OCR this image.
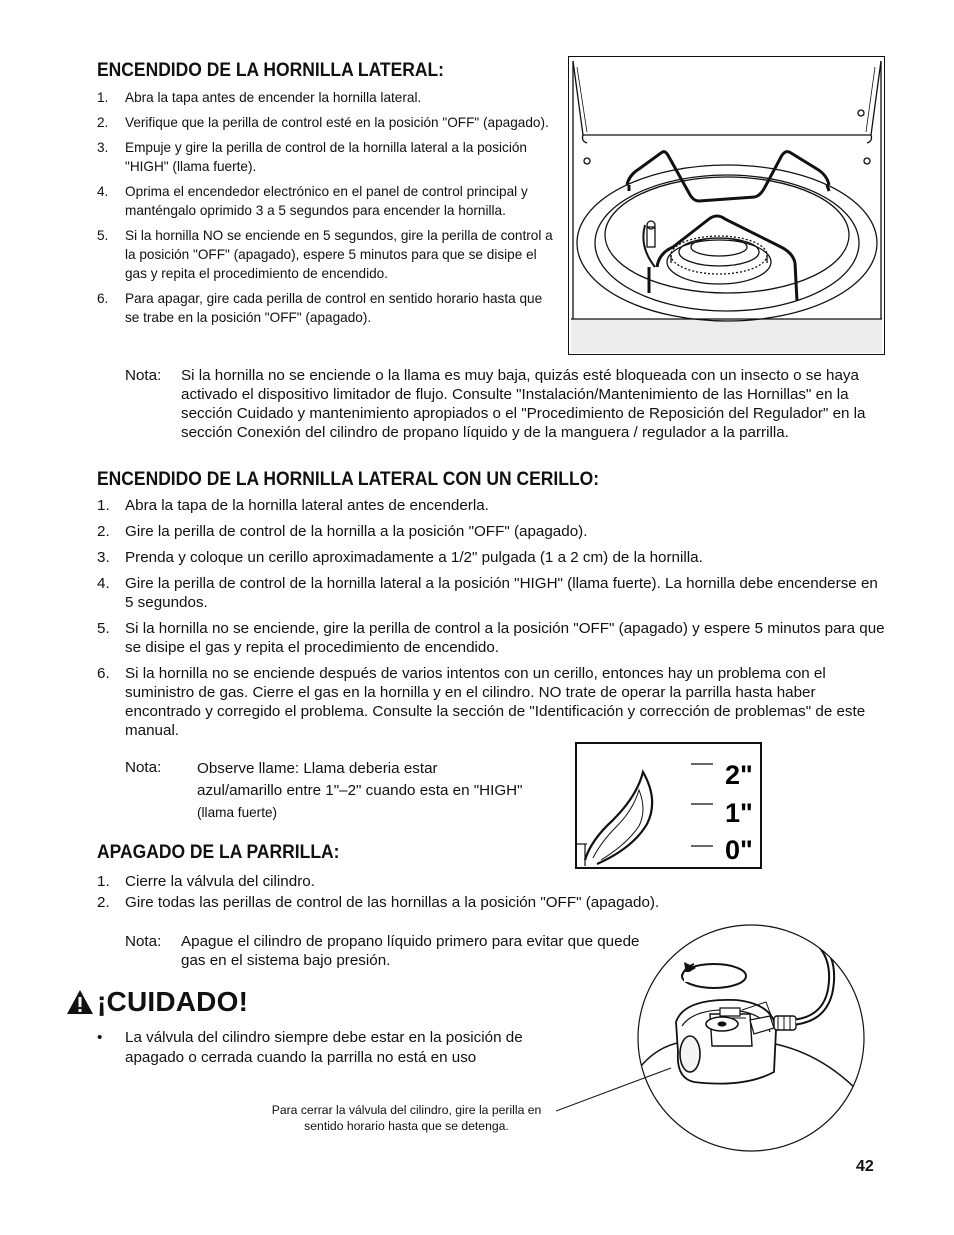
ENCENDIDO DE LA HORNILLA LATERAL:
1. Abra la tapa antes de encender la hornilla lateral.
2. Verifique que la perilla de control esté en la posición "OFF" (apagado).
3. Empuje y gire la perilla de control de la hornilla lateral a la posición "HIGH" (llama fuerte).
4. Oprima el encendedor electrónico en el panel de control principal y manténgalo oprimido 3 a 5 segundos para encender la hornilla.
5. Si la hornilla NO se enciende en 5 segundos, gire la perilla de control a la posición "OFF" (apagado), espere 5 minutos para que se disipe el gas y repita el procedimiento de encendido.
6. Para apagar, gire cada perilla de control en sentido horario hasta que se trabe en la posición "OFF" (apagado).
Nota: Si la hornilla no se enciende o la llama es muy baja, quizás esté bloqueada con un insecto o se haya activado el dispositivo limitador de flujo. Consulte "Instalación/Mantenimiento de las Hornillas" en la sección Cuidado y mantenimiento apropiados o el "Procedimiento de Reposición del Regulador" en la sección Conexión del cilindro de propano líquido y de la manguera / regulador a la parrilla.
ENCENDIDO DE LA HORNILLA LATERAL CON UN CERILLO:
1. Abra la tapa de la hornilla lateral antes de encenderla.
2. Gire la perilla de control de la hornilla a la posición "OFF" (apagado).
3. Prenda y coloque un cerillo aproximadamente a 1/2" pulgada (1 a 2 cm) de la hornilla.
4. Gire la perilla de control de la hornilla lateral a la posición "HIGH" (llama fuerte). La hornilla debe encenderse en 5 segundos.
5. Si la hornilla no se enciende, gire la perilla de control a la posición "OFF" (apagado) y espere 5 minutos para que se disipe el gas y repita el procedimiento de encendido.
6. Si la hornilla no se enciende después de varios intentos con un cerillo, entonces hay un problema con el suministro de gas. Cierre el gas en la hornilla y en el cilindro. NO trate de operar la parrilla hasta haber encontrado y corregido el problema. Consulte la sección de "Identificación y corrección de problemas" de este manual.
Nota: Observe llame: Llama deberia estar azul/amarillo entre 1"–2" cuando esta en "HIGH" (llama fuerte)
2"
1"
0"
APAGADO DE LA PARRILLA:
1. Cierre la válvula del cilindro.
2. Gire todas las perillas de control de las hornillas a la posición "OFF" (apagado).
Nota: Apague el cilindro de propano líquido primero para evitar que quede gas en el sistema bajo presión.
¡CUIDADO!
•	La válvula del cilindro siempre debe estar en la posición de apagado o cerrada cuando la parrilla no está en uso
Para cerrar la válvula del cilindro, gire la perilla en sentido horario hasta que se detenga.
42
